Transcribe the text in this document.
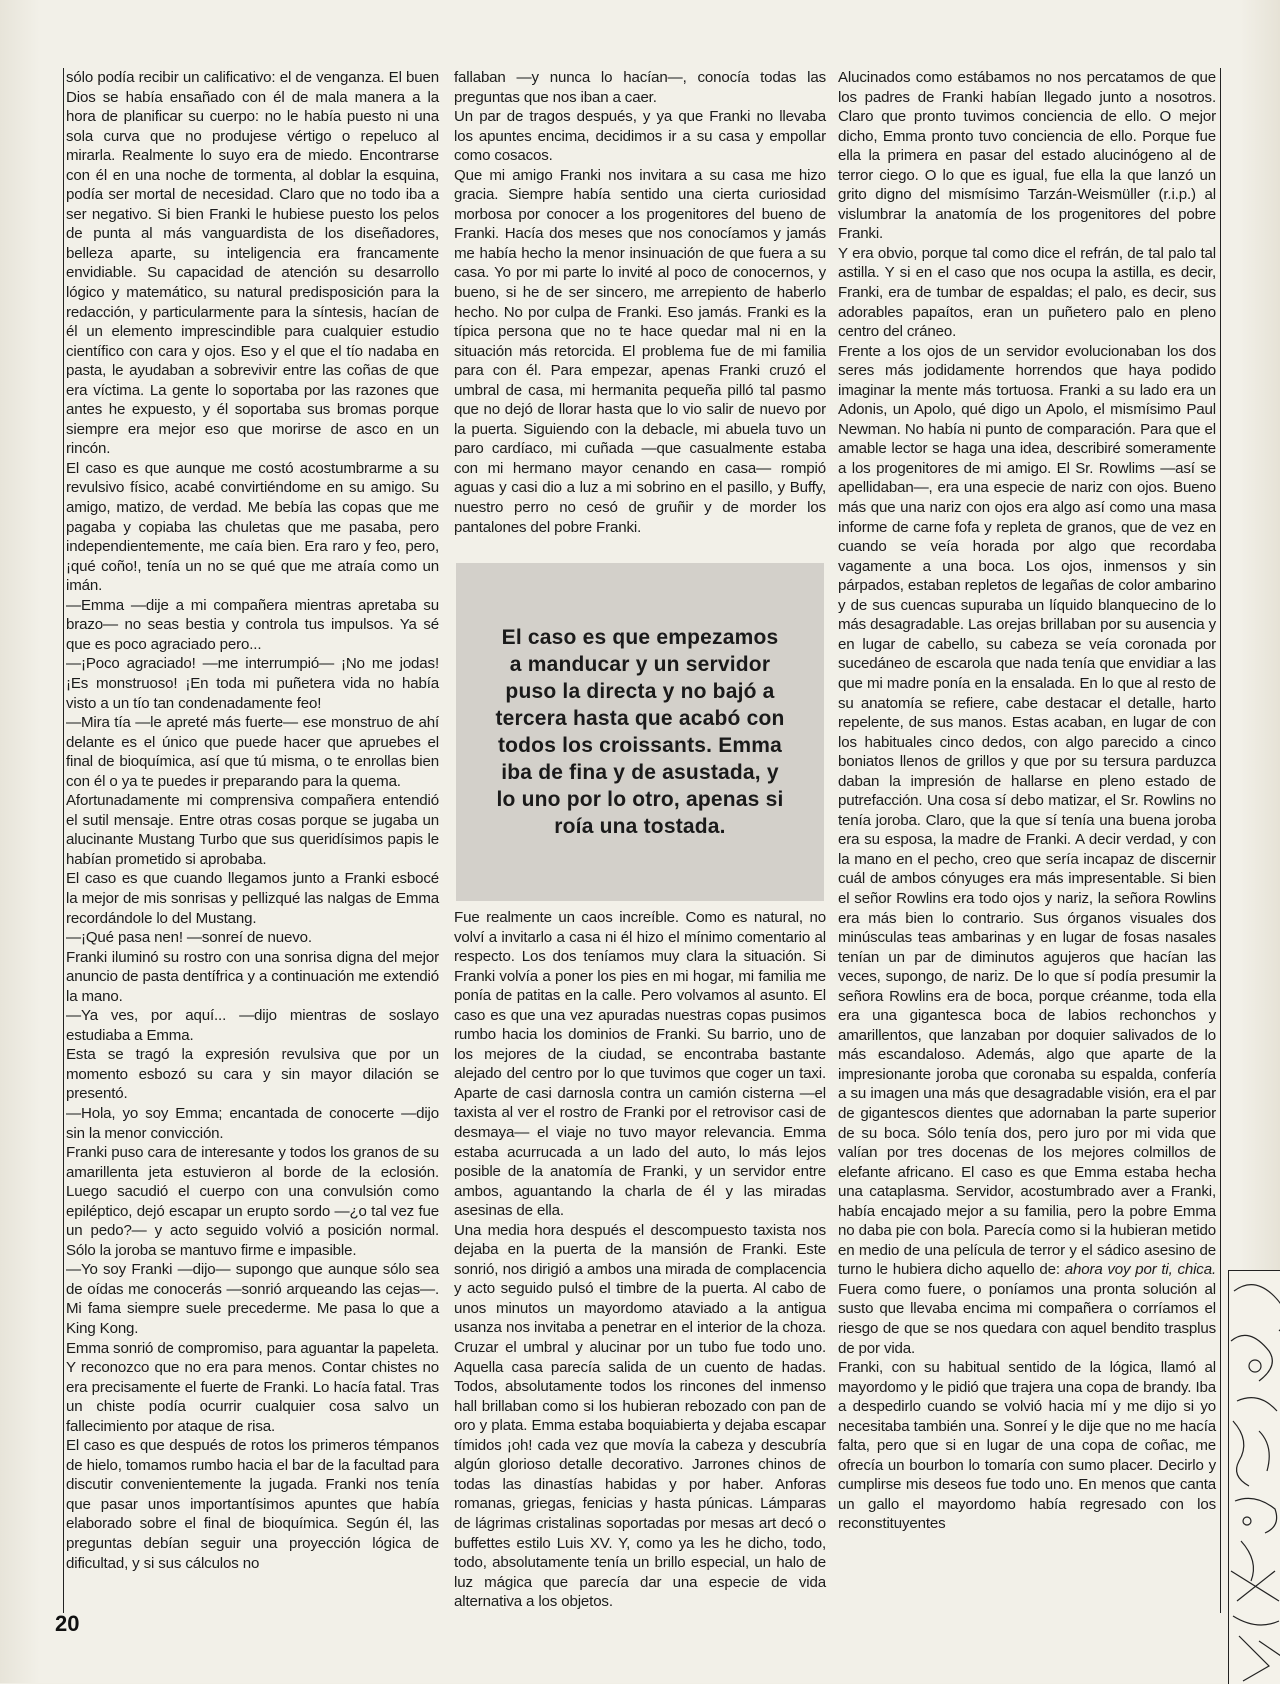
sólo podía recibir un calificativo: el de venganza. El buen Dios se había ensañado con él de mala manera a la hora de planificar su cuerpo: no le había puesto ni una sola curva que no produjese vértigo o repeluco al mirarla. Realmente lo suyo era de miedo. Encontrarse con él en una noche de tormenta, al doblar la esquina, podía ser mortal de necesidad. Claro que no todo iba a ser negativo. Si bien Franki le hubiese puesto los pelos de punta al más vanguardista de los diseñadores, belleza aparte, su inteligencia era francamente envidiable. Su capacidad de atención su desarrollo lógico y matemático, su natural predisposición para la redacción, y particularmente para la síntesis, hacían de él un elemento imprescindible para cualquier estudio científico con cara y ojos. Eso y el que el tío nadaba en pasta, le ayudaban a sobrevivir entre las coñas de que era víctima. La gente lo soportaba por las razones que antes he expuesto, y él soportaba sus bromas porque siempre era mejor eso que morirse de asco en un rincón.

El caso es que aunque me costó acostumbrarme a su revulsivo físico, acabé convirtiéndome en su amigo. Su amigo, matizo, de verdad. Me bebía las copas que me pagaba y copiaba las chuletas que me pasaba, pero independientemente, me caía bien. Era raro y feo, pero, ¡qué coño!, tenía un no se qué que me atraía como un imán.

—Emma —dije a mi compañera mientras apretaba su brazo— no seas bestia y controla tus impulsos. Ya sé que es poco agraciado pero...

—¡Poco agraciado! —me interrumpió— ¡No me jodas! ¡Es monstruoso! ¡En toda mi puñetera vida no había visto a un tío tan condenadamente feo!

—Mira tía —le apreté más fuerte— ese monstruo de ahí delante es el único que puede hacer que apruebes el final de bioquímica, así que tú misma, o te enrollas bien con él o ya te puedes ir preparando para la quema.

Afortunadamente mi comprensiva compañera entendió el sutil mensaje. Entre otras cosas porque se jugaba un alucinante Mustang Turbo que sus queridísimos papis le habían prometido si aprobaba.

El caso es que cuando llegamos junto a Franki esbocé la mejor de mis sonrisas y pellizqué las nalgas de Emma recordándole lo del Mustang.

—¡Qué pasa nen! —sonreí de nuevo.

Franki iluminó su rostro con una sonrisa digna del mejor anuncio de pasta dentífrica y a continuación me extendió la mano.

—Ya ves, por aquí... —dijo mientras de soslayo estudiaba a Emma.

Esta se tragó la expresión revulsiva que por un momento esbozó su cara y sin mayor dilación se presentó.

—Hola, yo soy Emma; encantada de conocerte —dijo sin la menor convicción.

Franki puso cara de interesante y todos los granos de su amarillenta jeta estuvieron al borde de la eclosión. Luego sacudió el cuerpo con una convulsión como epiléptico, dejó escapar un erupto sordo —¿o tal vez fue un pedo?— y acto seguido volvió a posición normal. Sólo la joroba se mantuvo firme e impasible.

—Yo soy Franki —dijo— supongo que aunque sólo sea de oídas me conocerás —sonrió arqueando las cejas—. Mi fama siempre suele precederme. Me pasa lo que a King Kong.

Emma sonrió de compromiso, para aguantar la papeleta. Y reconozco que no era para menos. Contar chistes no era precisamente el fuerte de Franki. Lo hacía fatal. Tras un chiste podía ocurrir cualquier cosa salvo un fallecimiento por ataque de risa.

El caso es que después de rotos los primeros témpanos de hielo, tomamos rumbo hacia el bar de la facultad para discutir convenientemente la jugada. Franki nos tenía que pasar unos importantísimos apuntes que había elaborado sobre el final de bioquímica. Según él, las preguntas debían seguir una proyección lógica de dificultad, y si sus cálculos no

fallaban —y nunca lo hacían—, conocía todas las preguntas que nos iban a caer.

Un par de tragos después, y ya que Franki no llevaba los apuntes encima, decidimos ir a su casa y empollar como cosacos.

Que mi amigo Franki nos invitara a su casa me hizo gracia. Siempre había sentido una cierta curiosidad morbosa por conocer a los progenitores del bueno de Franki. Hacía dos meses que nos conocíamos y jamás me había hecho la menor insinuación de que fuera a su casa. Yo por mi parte lo invité al poco de conocernos, y bueno, si he de ser sincero, me arrepiento de haberlo hecho. No por culpa de Franki. Eso jamás. Franki es la típica persona que no te hace quedar mal ni en la situación más retorcida. El problema fue de mi familia para con él. Para empezar, apenas Franki cruzó el umbral de casa, mi hermanita pequeña pilló tal pasmo que no dejó de llorar hasta que lo vio salir de nuevo por la puerta. Siguiendo con la debacle, mi abuela tuvo un paro cardíaco, mi cuñada —que casualmente estaba con mi hermano mayor cenando en casa— rompió aguas y casi dio a luz a mi sobrino en el pasillo, y Buffy, nuestro perro no cesó de gruñir y de morder los pantalones del pobre Franki.

Fue realmente un caos increíble. Como es natural, no volví a invitarlo a casa ni él hizo el mínimo comentario al respecto. Los dos teníamos muy clara la situación. Si Franki volvía a poner los pies en mi hogar, mi familia me ponía de patitas en la calle. Pero volvamos al asunto. El caso es que una vez apuradas nuestras copas pusimos rumbo hacia los dominios de Franki. Su barrio, uno de los mejores de la ciudad, se encontraba bastante alejado del centro por lo que tuvimos que coger un taxi. Aparte de casi darnosla contra un camión cisterna —el taxista al ver el rostro de Franki por el retrovisor casi de desmaya— el viaje no tuvo mayor relevancia. Emma estaba acurrucada a un lado del auto, lo más lejos posible de la anatomía de Franki, y un servidor entre ambos, aguantando la charla de él y las miradas asesinas de ella.

Una media hora después el descompuesto taxista nos dejaba en la puerta de la mansión de Franki. Este sonrió, nos dirigió a ambos una mirada de complacencia y acto seguido pulsó el timbre de la puerta. Al cabo de unos minutos un mayordomo ataviado a la antigua usanza nos invitaba a penetrar en el interior de la choza. Cruzar el umbral y alucinar por un tubo fue todo uno. Aquella casa parecía salida de un cuento de hadas. Todos, absolutamente todos los rincones del inmenso hall brillaban como si los hubieran rebozado con pan de oro y plata. Emma estaba boquiabierta y dejaba escapar tímidos ¡oh! cada vez que movía la cabeza y descubría algún glorioso detalle decorativo. Jarrones chinos de todas las dinastías habidas y por haber. Anforas romanas, griegas, fenicias y hasta púnicas. Lámparas de lágrimas cristalinas soportadas por mesas art decó o buffettes estilo Luis XV. Y, como ya les he dicho, todo, todo, absolutamente tenía un brillo especial, un halo de luz mágica que parecía dar una especie de vida alternativa a los objetos.

El caso es que empezamos a manducar y un servidor puso la directa y no bajó a tercera hasta que acabó con todos los croissants. Emma iba de fina y de asustada, y lo uno por lo otro, apenas si roía una tostada.

Alucinados como estábamos no nos percatamos de que los padres de Franki habían llegado junto a nosotros. Claro que pronto tuvimos conciencia de ello. O mejor dicho, Emma pronto tuvo conciencia de ello. Porque fue ella la primera en pasar del estado alucinógeno al de terror ciego. O lo que es igual, fue ella la que lanzó un grito digno del mismísimo Tarzán-Weismüller (r.i.p.) al vislumbrar la anatomía de los progenitores del pobre Franki.

Y era obvio, porque tal como dice el refrán, de tal palo tal astilla. Y si en el caso que nos ocupa la astilla, es decir, Franki, era de tumbar de espaldas; el palo, es decir, sus adorables papaítos, eran un puñetero palo en pleno centro del cráneo.

Frente a los ojos de un servidor evolucionaban los dos seres más jodidamente horrendos que haya podido imaginar la mente más tortuosa. Franki a su lado era un Adonis, un Apolo, qué digo un Apolo, el mismísimo Paul Newman. No había ni punto de comparación. Para que el amable lector se haga una idea, describiré someramente a los progenitores de mi amigo. El Sr. Rowlims —así se apellidaban—, era una especie de nariz con ojos. Bueno más que una nariz con ojos era algo así como una masa informe de carne fofa y repleta de granos, que de vez en cuando se veía horada por algo que recordaba vagamente a una boca. Los ojos, inmensos y sin párpados, estaban repletos de legañas de color ambarino y de sus cuencas supuraba un líquido blanquecino de lo más desagradable. Las orejas brillaban por su ausencia y en lugar de cabello, su cabeza se veía coronada por sucedáneo de escarola que nada tenía que envidiar a las que mi madre ponía en la ensalada. En lo que al resto de su anatomía se refiere, cabe destacar el detalle, harto repelente, de sus manos. Estas acaban, en lugar de con los habituales cinco dedos, con algo parecido a cinco boniatos llenos de grillos y que por su tersura parduzca daban la impresión de hallarse en pleno estado de putrefacción. Una cosa sí debo matizar, el Sr. Rowlins no tenía joroba. Claro, que la que sí tenía una buena joroba era su esposa, la madre de Franki. A decir verdad, y con la mano en el pecho, creo que sería incapaz de discernir cuál de ambos cónyuges era más impresentable. Si bien el señor Rowlins era todo ojos y nariz, la señora Rowlins era más bien lo contrario. Sus órganos visuales dos minúsculas teas ambarinas y en lugar de fosas nasales tenían un par de diminutos agujeros que hacían las veces, supongo, de nariz. De lo que sí podía presumir la señora Rowlins era de boca, porque créanme, toda ella era una gigantesca boca de labios rechonchos y amarillentos, que lanzaban por doquier salivados de lo más escandaloso. Además, algo que aparte de la impresionante joroba que coronaba su espalda, confería a su imagen una más que desagradable visión, era el par de gigantescos dientes que adornaban la parte superior de su boca. Sólo tenía dos, pero juro por mi vida que valían por tres docenas de los mejores colmillos de elefante africano. El caso es que Emma estaba hecha una cataplasma. Servidor, acostumbrado aver a Franki, había encajado mejor a su familia, pero la pobre Emma no daba pie con bola. Parecía como si la hubieran metido en medio de una película de terror y el sádico asesino de turno le hubiera dicho aquello de: ahora voy por ti, chica. Fuera como fuere, o poníamos una pronta solución al susto que llevaba encima mi compañera o corríamos el riesgo de que se nos quedara con aquel bendito trasplus de por vida.

Franki, con su habitual sentido de la lógica, llamó al mayordomo y le pidió que trajera una copa de brandy. Iba a despedirlo cuando se volvió hacia mí y me dijo si yo necesitaba también una. Sonreí y le dije que no me hacía falta, pero que si en lugar de una copa de coñac, me ofrecía un bourbon lo tomaría con sumo placer. Decirlo y cumplirse mis deseos fue todo uno. En menos que canta un gallo el mayordomo había regresado con los reconstituyentes

20
